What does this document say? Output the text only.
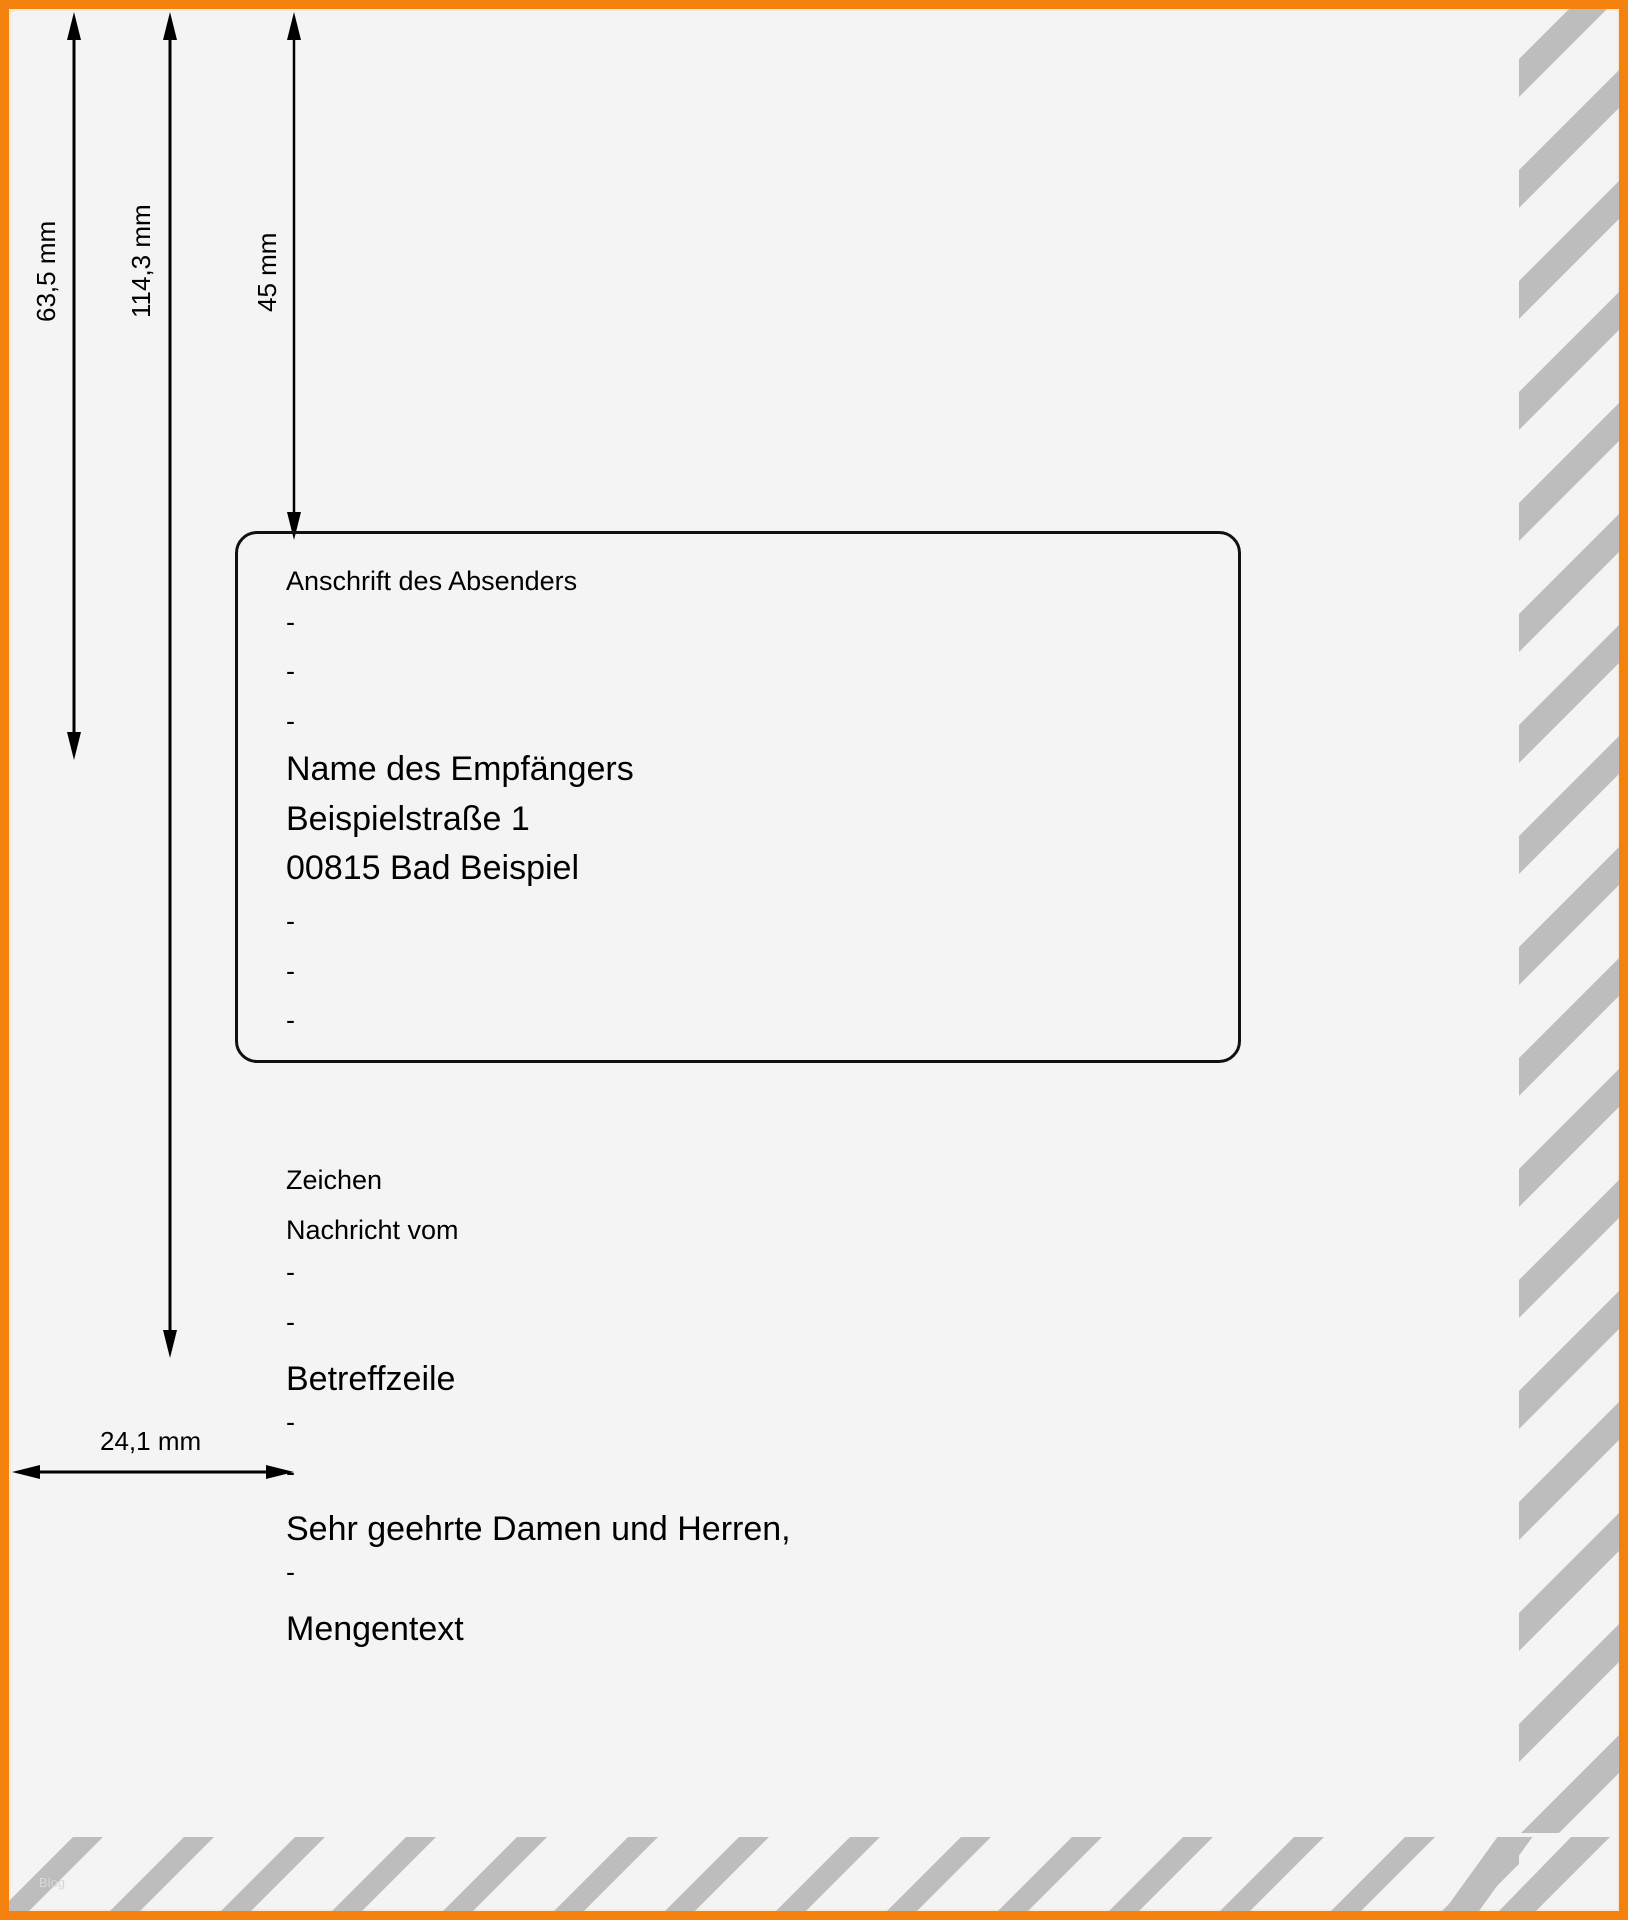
Blog
63,5 mm	114,3 mm	45 mm
24,1 mm
Anschrift des Absenders
-
-
-
Name des Empfängers
Beispielstraße 1
00815 Bad Beispiel
-
-
-
Zeichen
Nachricht vom
-
-
Betreffzeile
-
-
Sehr geehrte Damen und Herren,
-
Mengentext
